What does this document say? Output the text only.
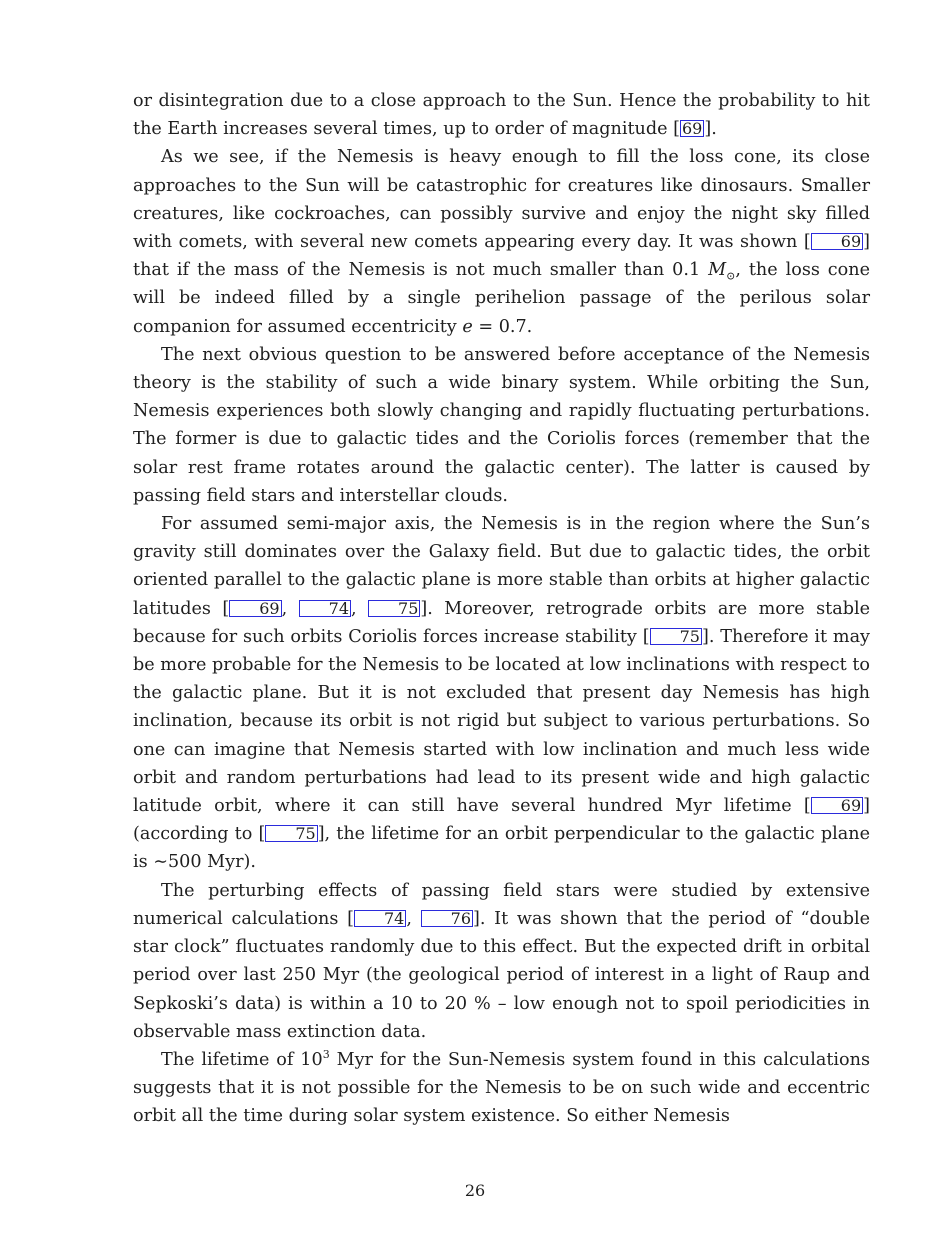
or disintegration due to a close approach to the Sun. Hence the probability to hit the Earth increases several times, up to order of magnitude [ 69 ].

As we see, if the Nemesis is heavy enough to fill the loss cone, its close approaches to the Sun will be catastrophic for creatures like dinosaurs. Smaller creatures, like cockroaches, can possibly survive and enjoy the night sky filled with comets, with several new comets appearing every day. It was shown [ 69 ] that if the mass of the Nemesis is not much smaller than 0.1 $M_⊙$, the loss cone will be indeed filled by a single perihelion passage of the perilous solar companion for assumed eccentricity e = 0.7.

The next obvious question to be answered before acceptance of the Nemesis theory is the stability of such a wide binary system. While orbiting the Sun, Nemesis experiences both slowly changing and rapidly fluctuating perturbations. The former is due to galactic tides and the Coriolis forces (remember that the solar rest frame rotates around the galactic center). The latter is caused by passing field stars and interstellar clouds.

For assumed semi-major axis, the Nemesis is in the region where the Sun’s gravity still dominates over the Galaxy field. But due to galactic tides, the orbit oriented parallel to the galactic plane is more stable than orbits at higher galactic latitudes [ 69 , 74 , 75 ]. Moreover, retrograde orbits are more stable because for such orbits Coriolis forces increase stability [ 75 ]. Therefore it may be more probable for the Nemesis to be located at low inclinations with respect to the galactic plane. But it is not excluded that present day Nemesis has high inclination, because its orbit is not rigid but subject to various perturbations. So one can imagine that Nemesis started with low inclination and much less wide orbit and random perturbations had lead to its present wide and high galactic latitude orbit, where it can still have several hundred Myr lifetime [ 69 ] (according to [ 75 ], the lifetime for an orbit perpendicular to the galactic plane is ∼500 Myr).

The perturbing effects of passing field stars were studied by extensive numerical calculations [ 74 , 76 ]. It was shown that the period of “double star clock” fluctuates randomly due to this effect. But the expected drift in orbital period over last 250 Myr (the geological period of interest in a light of Raup and Sepkoski’s data) is within a 10 to 20 % – low enough not to spoil periodicities in observable mass extinction data.

The lifetime of $10^3$ Myr for the Sun-Nemesis system found in this calculations suggests that it is not possible for the Nemesis to be on such wide and eccentric orbit all the time during solar system existence. So either Nemesis

26
